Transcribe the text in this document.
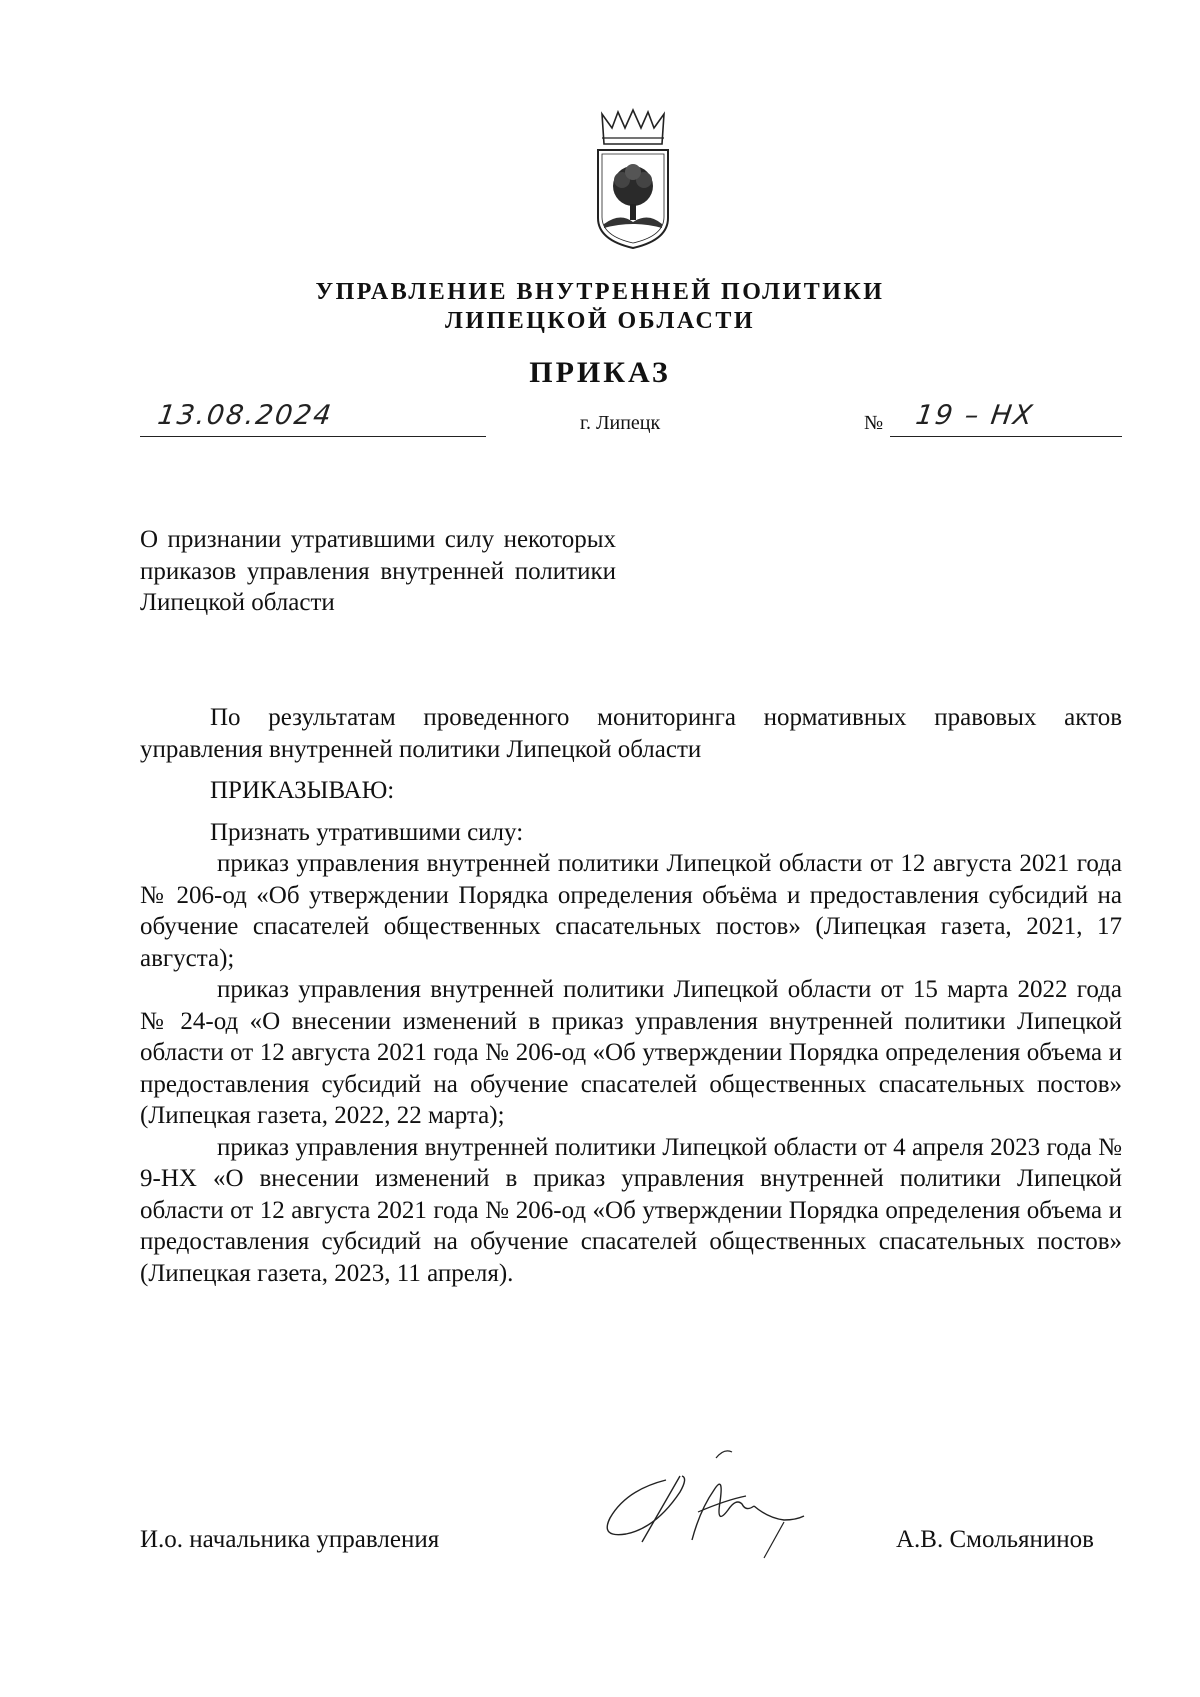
УПРАВЛЕНИЕ ВНУТРЕННЕЙ ПОЛИТИКИ
ЛИПЕЦКОЙ ОБЛАСТИ
ПРИКАЗ
13.08.2024	г. Липецк	№ 19 – НХ
О признании утратившими силу некоторых приказов управления внутренней политики Липецкой области

По результатам проведенного мониторинга нормативных правовых актов управления внутренней политики Липецкой области

ПРИКАЗЫВАЮ:

Признать утратившими силу:

приказ управления внутренней политики Липецкой области от 12 августа 2021 года № 206-од «Об утверждении Порядка определения объёма и предоставления субсидий на обучение спасателей общественных спасательных постов» (Липецкая газета, 2021, 17 августа);

приказ управления внутренней политики Липецкой области от 15 марта 2022 года № 24-од «О внесении изменений в приказ управления внутренней политики Липецкой области от 12 августа 2021 года № 206-од «Об утверждении Порядка определения объема и предоставления субсидий на обучение спасателей общественных спасательных постов» (Липецкая газета, 2022, 22 марта);

приказ управления внутренней политики Липецкой области от 4 апреля 2023 года № 9-НХ «О внесении изменений в приказ управления внутренней политики Липецкой области от 12 августа 2021 года № 206-од «Об утверждении Порядка определения объема и предоставления субсидий на обучение спасателей общественных спасательных постов» (Липецкая газета, 2023, 11 апреля).

И.о. начальника управления	А.В. Смольянинов
